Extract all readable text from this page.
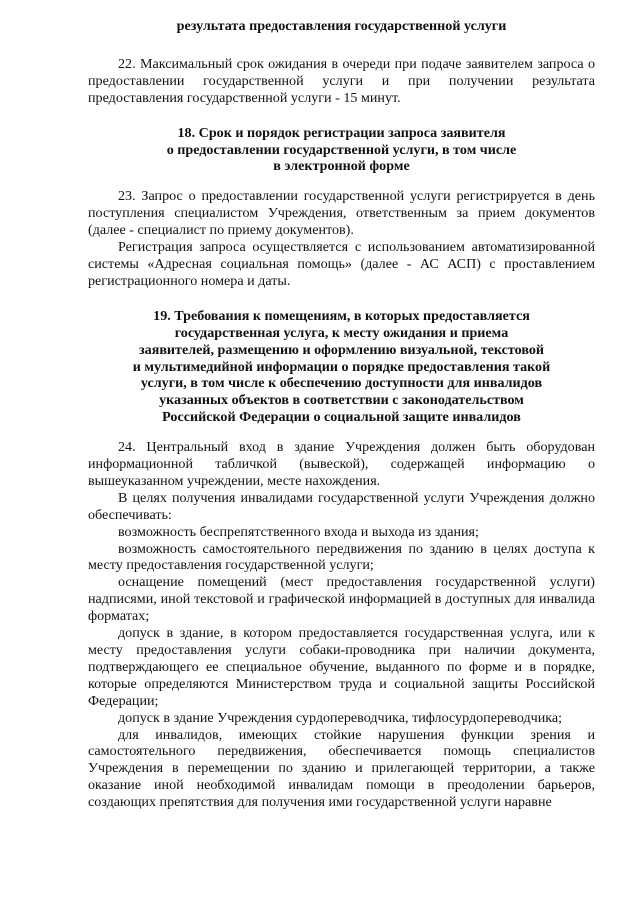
результата предоставления государственной услуги

22. Максимальный срок ожидания в очереди при подаче заявителем запроса о предоставлении государственной услуги и при получении результата предоставления государственной услуги - 15 минут.

18. Срок и порядок регистрации запроса заявителя
о предоставлении государственной услуги, в том числе
в электронной форме

23. Запрос о предоставлении государственной услуги регистрируется в день поступления специалистом Учреждения, ответственным за прием документов (далее - специалист по приему документов).

Регистрация запроса осуществляется с использованием автоматизированной системы «Адресная социальная помощь» (далее - АС АСП) с проставлением регистрационного номера и даты.

19. Требования к помещениям, в которых предоставляется
государственная услуга, к месту ожидания и приема
заявителей, размещению и оформлению визуальной, текстовой
и мультимедийной информации о порядке предоставления такой
услуги, в том числе к обеспечению доступности для инвалидов
указанных объектов в соответствии с законодательством
Российской Федерации о социальной защите инвалидов

24. Центральный вход в здание Учреждения должен быть оборудован информационной табличкой (вывеской), содержащей информацию о вышеуказанном учреждении, месте нахождения.

В целях получения инвалидами государственной услуги Учреждения должно обеспечивать:

возможность беспрепятственного входа и выхода из здания;

возможность самостоятельного передвижения по зданию в целях доступа к месту предоставления государственной услуги;

оснащение помещений (мест предоставления государственной услуги) надписями, иной текстовой и графической информацией в доступных для инвалида форматах;

допуск в здание, в котором предоставляется государственная услуга, или к месту предоставления услуги собаки-проводника при наличии документа, подтверждающего ее специальное обучение, выданного по форме и в порядке, которые определяются Министерством труда и социальной защиты Российской Федерации;

допуск в здание Учреждения сурдопереводчика, тифлосурдопереводчика;

для инвалидов, имеющих стойкие нарушения функции зрения и самостоятельного передвижения, обеспечивается помощь специалистов Учреждения в перемещении по зданию и прилегающей территории, а также оказание иной необходимой инвалидам помощи в преодолении барьеров, создающих препятствия для получения ими государственной услуги наравне
